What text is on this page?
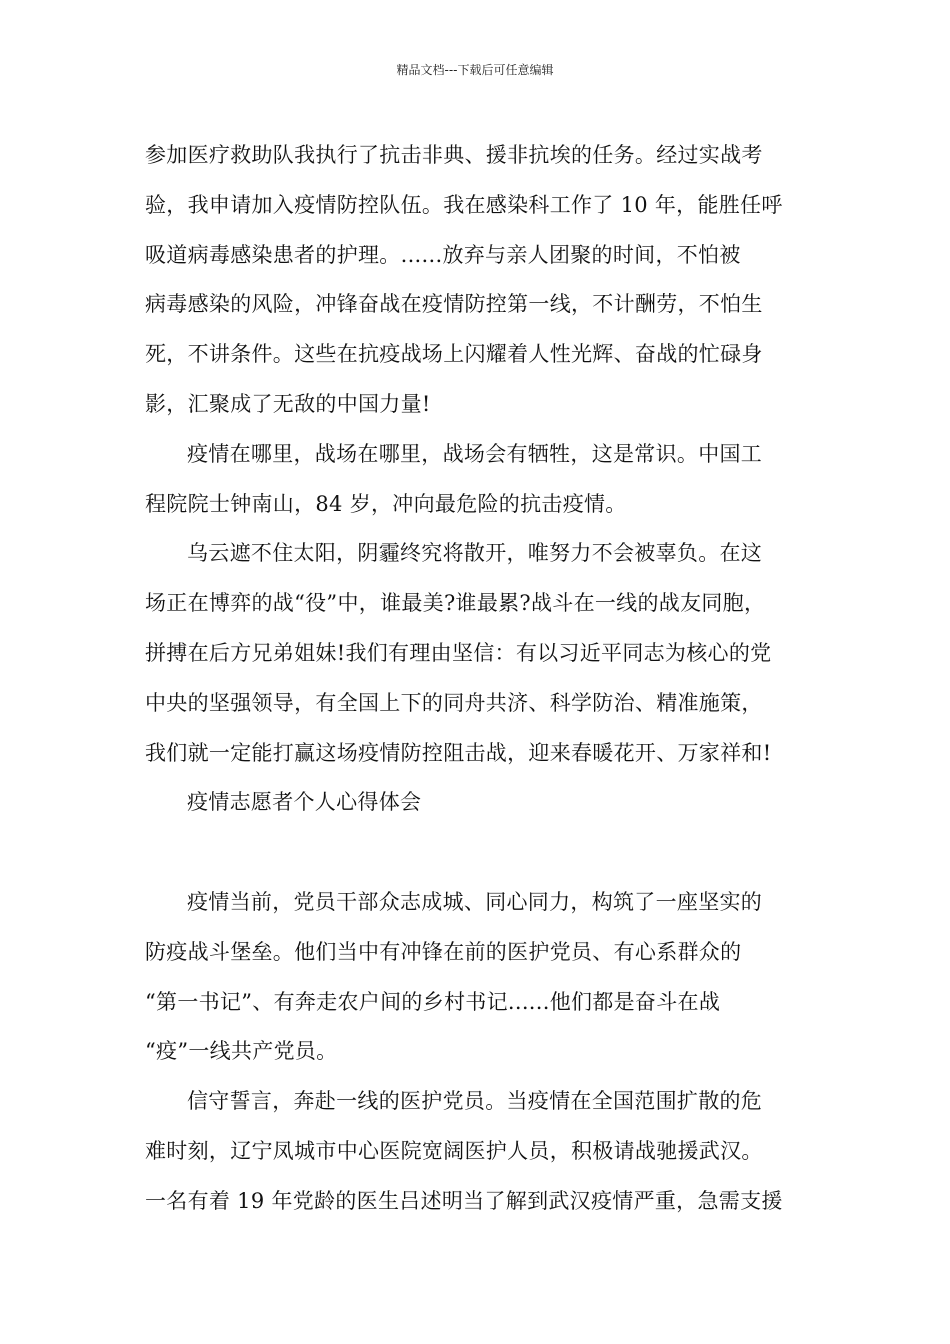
精品文档---下载后可任意编辑
参加医疗救助队我执行了抗击非典、援非抗埃的任务。经过实战考
验，我申请加入疫情防控队伍。我在感染科工作了 10 年，能胜任呼
吸道病毒感染患者的护理。......放弃与亲人团聚的时间，不怕被
病毒感染的风险，冲锋奋战在疫情防控第一线，不计酬劳，不怕生
死，不讲条件。这些在抗疫战场上闪耀着人性光辉、奋战的忙碌身
影，汇聚成了无敌的中国力量!
疫情在哪里，战场在哪里，战场会有牺牲，这是常识。中国工
程院院士钟南山，84 岁，冲向最危险的抗击疫情。
乌云遮不住太阳，阴霾终究将散开，唯努力不会被辜负。在这
场正在博弈的战“役”中，谁最美?谁最累?战斗在一线的战友同胞，
拼搏在后方兄弟姐妹!我们有理由坚信：有以习近平同志为核心的党
中央的坚强领导，有全国上下的同舟共济、科学防治、精准施策，
我们就一定能打赢这场疫情防控阻击战，迎来春暖花开、万家祥和!
疫情志愿者个人心得体会
疫情当前，党员干部众志成城、同心同力，构筑了一座坚实的
防疫战斗堡垒。他们当中有冲锋在前的医护党员、有心系群众的
“第一书记”、有奔走农户间的乡村书记......他们都是奋斗在战
“疫”一线共产党员。
信守誓言，奔赴一线的医护党员。当疫情在全国范围扩散的危
难时刻，辽宁凤城市中心医院宽阔医护人员，积极请战驰援武汉。
一名有着 19 年党龄的医生吕述明当了解到武汉疫情严重，急需支援
